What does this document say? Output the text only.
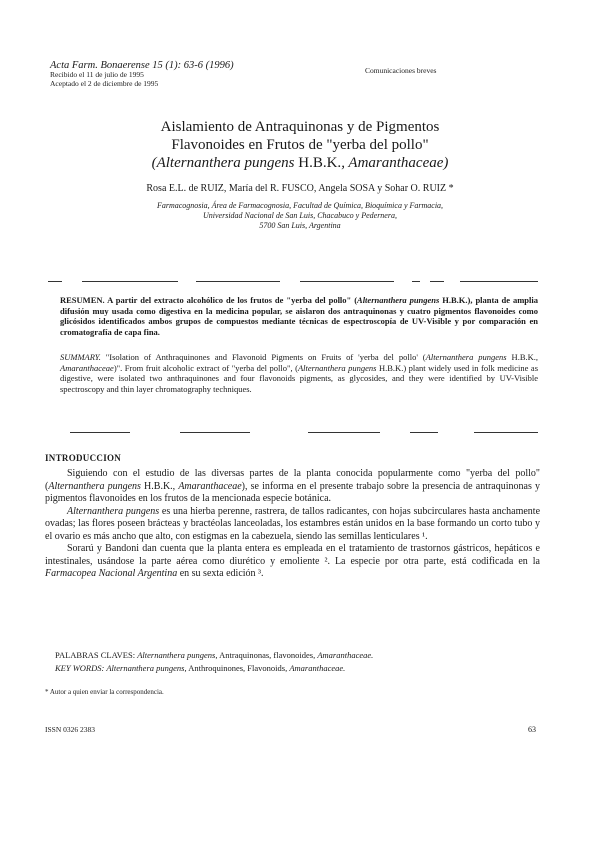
Acta Farm. Bonaerense 15 (1): 63-6 (1996)
Recibido el 11 de julio de 1995
Aceptado el 2 de diciembre de 1995
Comunicaciones breves
Aislamiento de Antraquinonas y de Pigmentos
Flavonoides en Frutos de "yerba del pollo"
(Alternanthera pungens H.B.K., Amaranthaceae)
Rosa E.L. de RUIZ, María del R. FUSCO, Angela SOSA y Sohar O. RUIZ *
Farmacognosia, Área de Farmacognosia, Facultad de Química, Bioquímica y Farmacia,
Universidad Nacional de San Luis, Chacabuco y Pedernera,
5700 San Luis, Argentina
RESUMEN. A partir del extracto alcohólico de los frutos de "yerba del pollo" (Alternanthera pungens H.B.K.), planta de amplia difusión muy usada como digestiva en la medicina popular, se aislaron dos antraquinonas y cuatro pigmentos flavonoides como glicósidos identificados ambos grupos de compuestos mediante técnicas de espectroscopía de UV-Visible y por comparación en cromatografía de capa fina.
SUMMARY. "Isolation of Anthraquinones and Flavonoid Pigments on Fruits of 'yerba del pollo' (Alternanthera pungens H.B.K., Amaranthaceae)". From fruit alcoholic extract of "yerba del pollo", (Alternanthera pungens H.B.K.) plant widely used in folk medicine as digestive, were isolated two anthraquinones and four flavonoids pigments, as glycosides, and they were identified by UV-Visible spectroscopy and thin layer chromatography techniques.
INTRODUCCION

Siguiendo con el estudio de las diversas partes de la planta conocida popularmente como "yerba del pollo" (Alternanthera pungens H.B.K., Amaranthaceae), se informa en el presente trabajo sobre la presencia de antraquinonas y pigmentos flavonoides en los frutos de la mencionada especie botánica.

Alternanthera pungens es una hierba perenne, rastrera, de tallos radicantes, con hojas subcirculares hasta anchamente ovadas; las flores poseen brácteas y bractéolas lanceoladas, los estambres están unidos en la base formando un corto tubo y el ovario es más ancho que alto, con estigmas en la cabezuela, siendo las semillas lenticulares ¹.

Sorarú y Bandoni dan cuenta que la planta entera es empleada en el tratamiento de trastornos gástricos, hepáticos e intestinales, usándose la parte aérea como diurético y emoliente ². La especie por otra parte, está codificada en la Farmacopea Nacional Argentina en su sexta edición ³.

PALABRAS CLAVES: Alternanthera pungens, Antraquinonas, flavonoides, Amaranthaceae.

KEY WORDS: Alternanthera pungens, Anthroquinones, Flavonoids, Amaranthaceae.

* Autor a quien enviar la correspondencia.
ISSN 0326 2383	63
